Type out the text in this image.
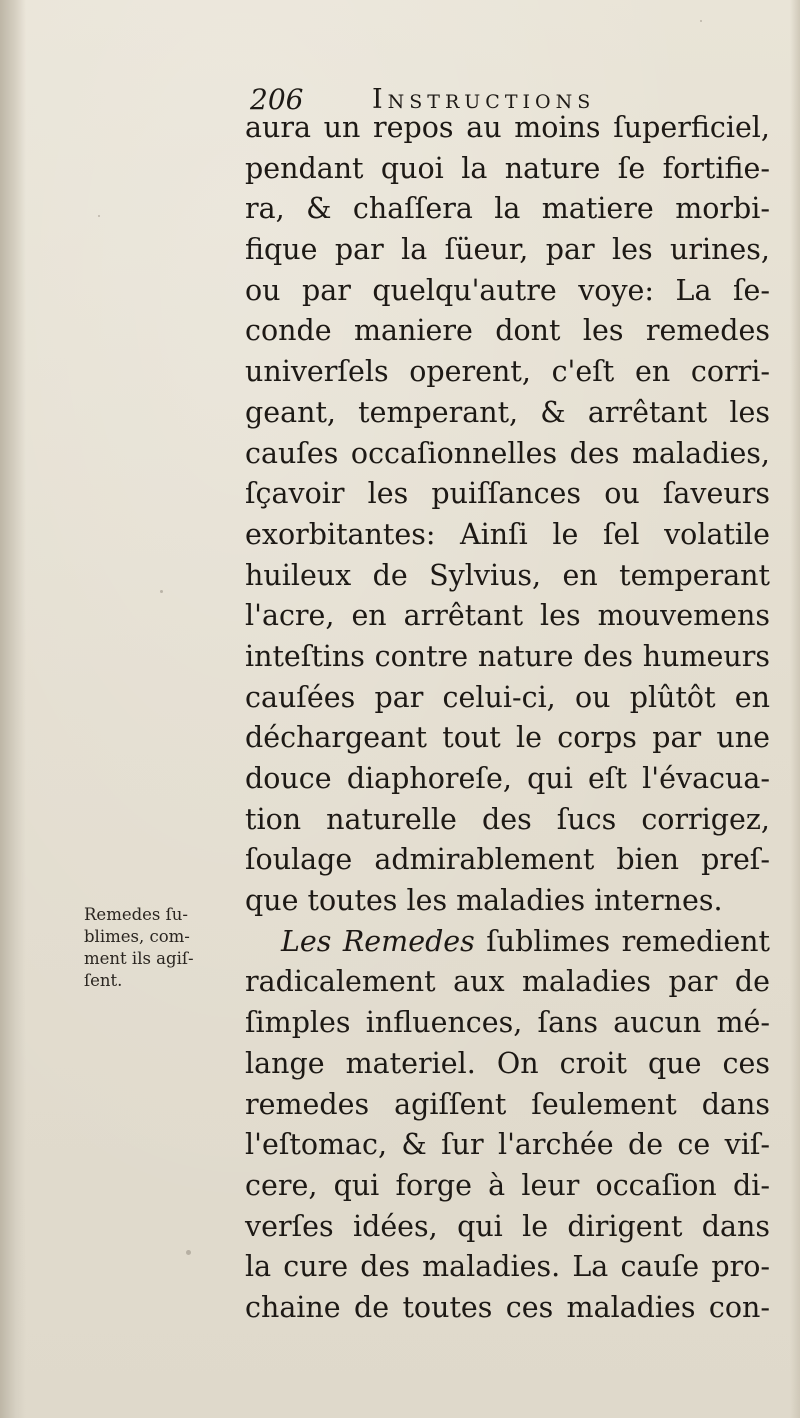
206	Instructions
aura un repos au moins ſuperficiel,
pendant quoi la nature ſe fortifie-
ra, & chaſſera la matiere morbi-
fique par la ſüeur, par les urines,
ou par quelqu'autre voye: La ſe-
conde maniere dont les remedes
univerſels operent, c'eſt en corri-
geant, temperant, & arrêtant les
cauſes occaſionnelles des maladies,
ſçavoir les puiſſances ou ſaveurs
exorbitantes: Ainſi le ſel volatile
huileux de Sylvius, en temperant
l'acre, en arrêtant les mouvemens
inteſtins contre nature des humeurs
cauſées par celui-ci, ou plûtôt en
déchargeant tout le corps par une
douce diaphoreſe, qui eſt l'évacua-
tion naturelle des ſucs corrigez,
ſoulage admirablement bien preſ-
que toutes les maladies internes.
Les Remedes ſublimes remedient
radicalement aux maladies par de
ſimples influences, ſans aucun mé-
lange materiel. On croit que ces
remedes agiſſent ſeulement dans
l'eſtomac, & ſur l'archée de ce viſ-
cere, qui forge à leur occaſion di-
verſes idées, qui le dirigent dans
la cure des maladies. La cauſe pro-
chaine de toutes ces maladies con-
Remedes ſu-
blimes, com-
ment ils agiſ-
ſent.
